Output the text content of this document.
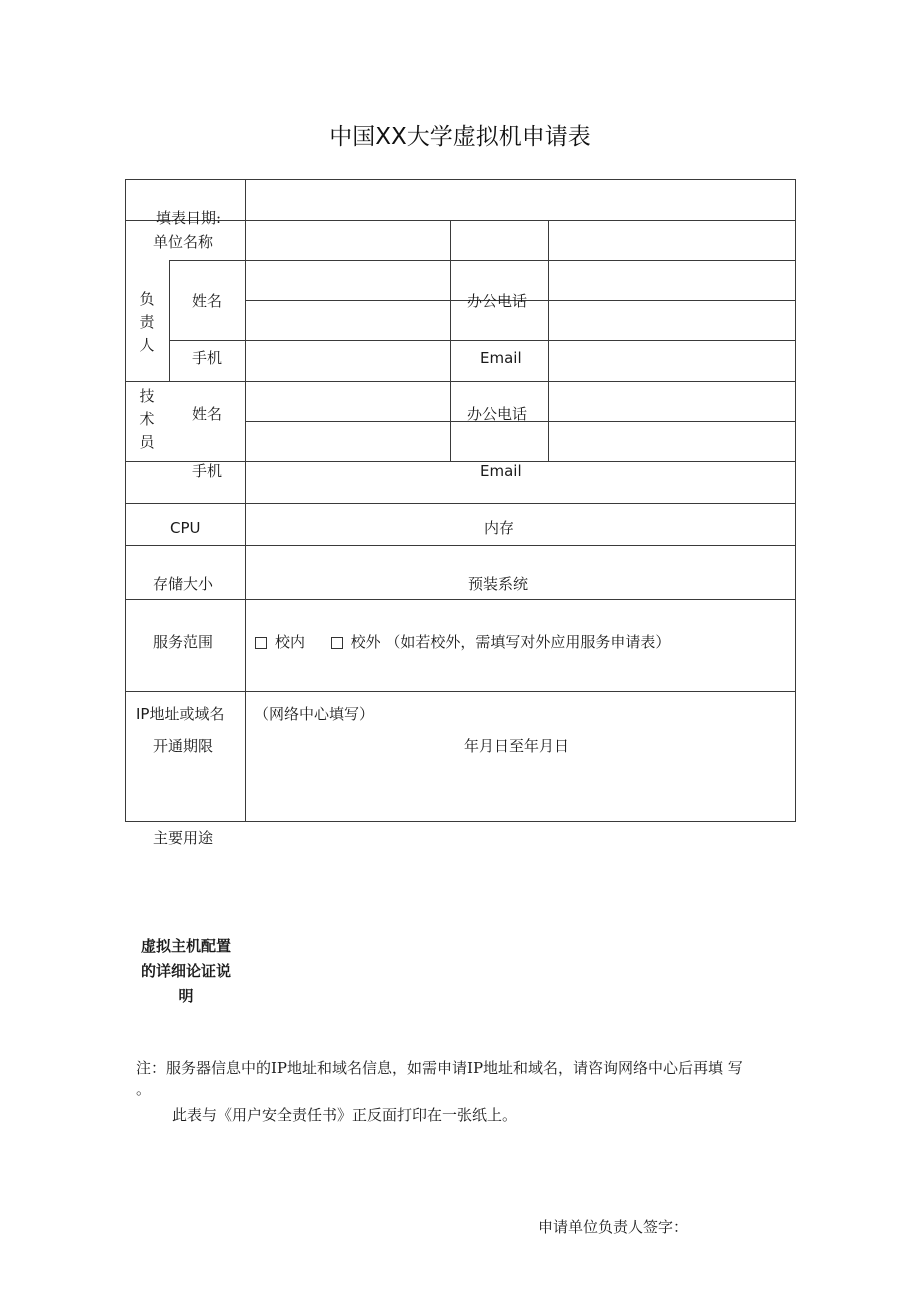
中国XX大学虚拟机申请表
填表日期:
单位名称
负责人
姓名	办公电话
手机	Email
技术员
姓名	办公电话
手机	Email
CPU	内存
存储大小	预装系统
服务范围	校内	校外 （如若校外，需填写对外应用服务申请表）
IP地址或域名 （网络中心填写）
开通期限	年月日至年月日
主要用途
虚拟主机配置的详细论证说明
注：服务器信息中的IP地址和域名信息，如需申请IP地址和域名，请咨询网络中心后再填 写
。
此表与《用户安全责任书》正反面打印在一张纸上。
申请单位负责人签字：
